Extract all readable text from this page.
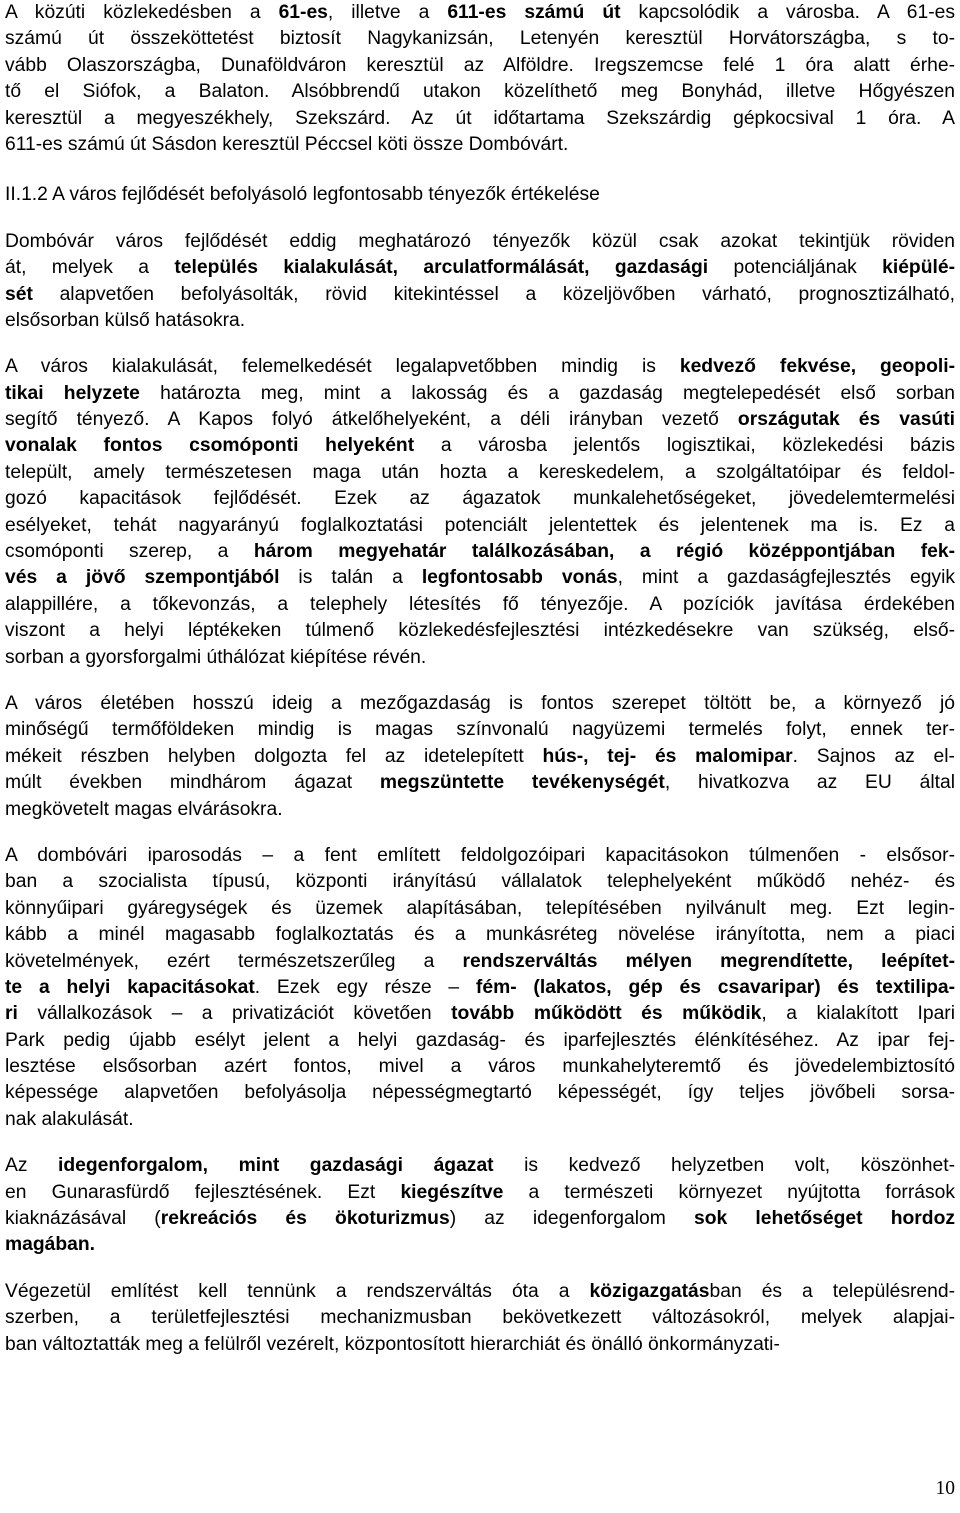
A közúti közlekedésben a 61-es, illetve a 611-es számú út kapcsolódik a városba. A 61-es
számú út összeköttetést biztosít Nagykanizsán, Letenyén keresztül Horvátországba, s to-
vább Olaszországba, Dunaföldváron keresztül az Alföldre. Iregszemcse felé 1 óra alatt érhe-
tő el Siófok, a Balaton. Alsóbbrendű utakon közelíthető meg Bonyhád, illetve Hőgyészen
keresztül a megyeszékhely, Szekszárd. Az út időtartama Szekszárdig gépkocsival 1 óra. A
611-es számú út Sásdon keresztül Péccsel köti össze Dombóvárt.
II.1.2 A város fejlődését befolyásoló legfontosabb tényezők értékelése
Dombóvár város fejlődését eddig meghatározó tényezők közül csak azokat tekintjük röviden
át, melyek a település kialakulását, arculatformálását, gazdasági potenciáljának kiépülé-
sét alapvetően befolyásolták, rövid kitekintéssel a közeljövőben várható, prognosztizálható,
elsősorban külső hatásokra.
A város kialakulását, felemelkedését legalapvetőbben mindig is kedvező fekvése, geopoli-
tikai helyzete határozta meg, mint a lakosság és a gazdaság megtelepedését első sorban
segítő tényező. A Kapos folyó átkelőhelyeként, a déli irányban vezető országutak és vasúti
vonalak fontos csomóponti helyeként a városba jelentős logisztikai, közlekedési bázis
települt, amely természetesen maga után hozta a kereskedelem, a szolgáltatóipar és feldol-
gozó kapacitások fejlődését. Ezek az ágazatok munkalehetőségeket, jövedelemtermelési
esélyeket, tehát nagyarányú foglalkoztatási potenciált jelentettek és jelentenek ma is. Ez a
csomóponti szerep, a három megyehatár találkozásában, a régió középpontjában fek-
vés a jövő szempontjából is talán a legfontosabb vonás, mint a gazdaságfejlesztés egyik
alappillére, a tőkevonzás, a telephely létesítés fő tényezője. A pozíciók javítása érdekében
viszont a helyi léptékeken túlmenő közlekedésfejlesztési intézkedésekre van szükség, első-
sorban a gyorsforgalmi úthálózat kiépítése révén.
A város életében hosszú ideig a mezőgazdaság is fontos szerepet töltött be, a környező jó
minőségű termőföldeken mindig is magas színvonalú nagyüzemi termelés folyt, ennek ter-
mékeit részben helyben dolgozta fel az idetelepített hús-, tej- és malomipar. Sajnos az el-
múlt években mindhárom ágazat megszüntette tevékenységét, hivatkozva az EU által
megkövetelt magas elvárásokra.
A dombóvári iparosodás – a fent említett feldolgozóipari kapacitásokon túlmenően - elsősor-
ban a szocialista típusú, központi irányítású vállalatok telephelyeként működő nehéz- és
könnyűipari gyáregységek és üzemek alapításában, telepítésében nyilvánult meg. Ezt legin-
kább a minél magasabb foglalkoztatás és a munkásréteg növelése irányította, nem a piaci
követelmények, ezért természetszerűleg a rendszerváltás mélyen megrendítette, leépítet-
te a helyi kapacitásokat. Ezek egy része – fém- (lakatos, gép és csavaripar) és textilipa-
ri vállalkozások – a privatizációt követően tovább működött és működik, a kialakított Ipari
Park pedig újabb esélyt jelent a helyi gazdaság- és iparfejlesztés élénkítéséhez. Az ipar fej-
lesztése elsősorban azért fontos, mivel a város munkahelyteremtő és jövedelembiztosító
képessége alapvetően befolyásolja népességmegtartó képességét, így teljes jövőbeli sorsa-
nak alakulását.
Az idegenforgalom, mint gazdasági ágazat is kedvező helyzetben volt, köszönhet-
en Gunarasfürdő fejlesztésének. Ezt kiegészítve a természeti környezet nyújtotta források
kiaknázásával (rekreációs és ökoturizmus) az idegenforgalom sok lehetőséget hordoz
magában.
Végezetül említést kell tennünk a rendszerváltás óta a közigazgatásban és a településrend-
szerben, a területfejlesztési mechanizmusban bekövetkezett változásokról, melyek alapjai-
ban változtatták meg a felülről vezérelt, központosított hierarchiát és önálló önkormányzati-
10
